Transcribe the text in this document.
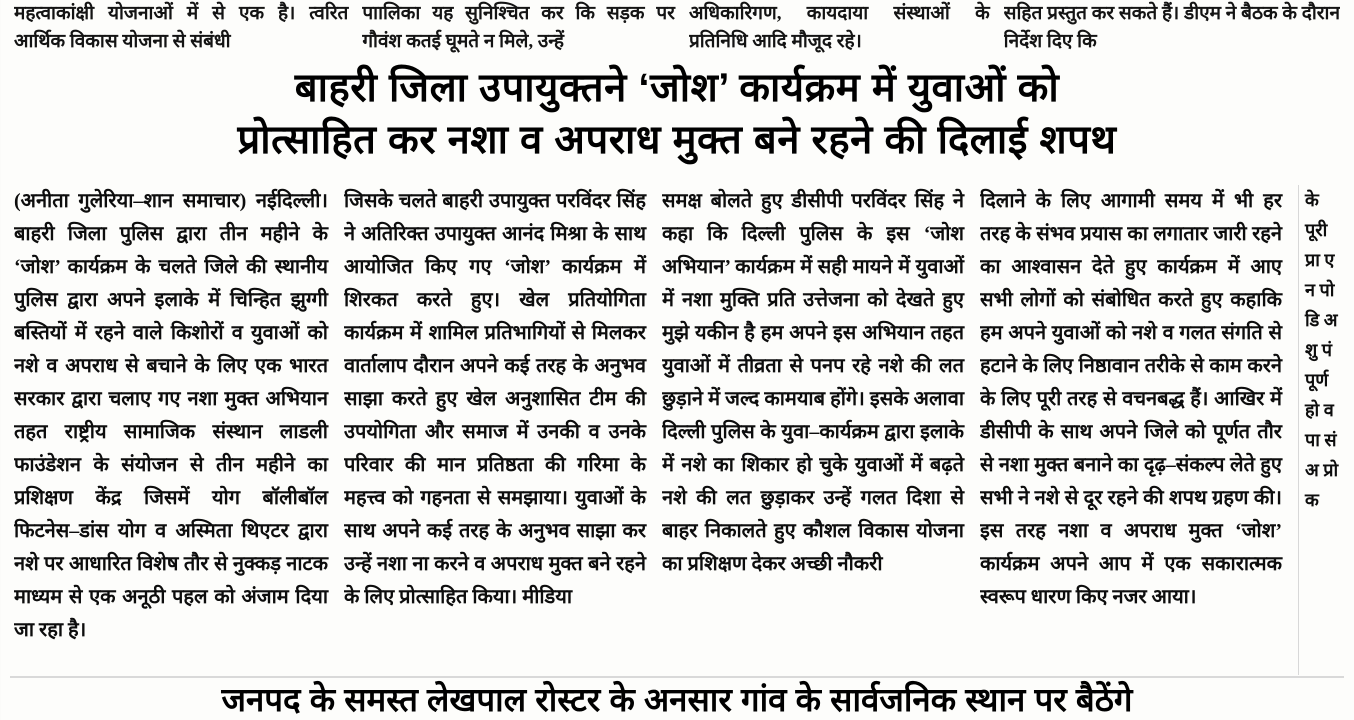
महत्वाकांक्षी योजनाओं में से एक है। त्वरित आर्थिक विकास योजना से संबंधी
पाालिका यह सुनिश्चित कर कि सड़क पर गौवंश कतई घूमते न मिले, उन्हें
अधिकारिगण, कायदाया संस्थाओं के प्रतिनिधि आदि मौजूद रहे।
सहित प्रस्तुत कर सकते हैं। डीएम ने बैठक के दौरान निर्देश दिए कि
बाहरी जिला उपायुक्तने ‘जोश’ कार्यक्रम में युवाओं को
प्रोत्साहित कर नशा व अपराध मुक्त बने रहने की दिलाई शपथ

(अनीता गुलेरिया–शान समाचार) नईदिल्ली। बाहरी जिला पुलिस द्वारा तीन महीने के ‘जोश’ कार्यक्रम के चलते जिले की स्थानीय पुलिस द्वारा अपने इलाके में चिन्हित झुग्गी बस्तियों में रहने वाले किशोरों व युवाओं को नशे व अपराध से बचाने के लिए एक भारत सरकार द्वारा चलाए गए नशा मुक्त अभियान तहत राष्ट्रीय सामाजिक संस्थान लाडली फाउंडेशन के संयोजन से तीन महीने का प्रशिक्षण केंद्र जिसमें योग बॉलीबॉल फिटनेस–डांस योग व अस्मिता थिएटर द्वारा नशे पर आधारित विशेष तौर से नुक्कड़ नाटक माध्यम से एक अनूठी पहल को अंजाम दिया जा रहा है।

जिसके चलते बाहरी उपायुक्त परविंदर सिंह ने अतिरिक्त उपायुक्त आनंद मिश्रा के साथ आयोजित किए गए ‘जोश’ कार्यक्रम में शिरकत करते हुए। खेल प्रतियोगिता कार्यक्रम में शामिल प्रतिभागियों से मिलकर वार्तालाप दौरान अपने कई तरह के अनुभव साझा करते हुए खेल अनुशासित टीम की उपयोगिता और समाज में उनकी व उनके परिवार की मान प्रतिष्ठता की गरिमा के महत्त्व को गहनता से समझाया। युवाओं के साथ अपने कई तरह के अनुभव साझा कर उन्हें नशा ना करने व अपराध मुक्त बने रहने के लिए प्रोत्साहित किया। मीडिया

समक्ष बोलते हुए डीसीपी परविंदर सिंह ने कहा कि दिल्ली पुलिस के इस ‘जोश अभियान’ कार्यक्रम में सही मायने में युवाओं में नशा मुक्ति प्रति उत्तेजना को देखते हुए मुझे यकीन है हम अपने इस अभियान तहत युवाओं में तीव्रता से पनप रहे नशे की लत छुड़ाने में जल्द कामयाब होंगे। इसके अलावा दिल्ली पुलिस के युवा–कार्यक्रम द्वारा इलाके में नशे का शिकार हो चुके युवाओं में बढ़ते नशे की लत छुड़ाकर उन्हें गलत दिशा से बाहर निकालते हुए कौशल विकास योजना का प्रशिक्षण देकर अच्छी नौकरी

दिलाने के लिए आगामी समय में भी हर तरह के संभव प्रयास का लगातार जारी रहने का आश्वासन देते हुए कार्यक्रम में आए सभी लोगों को संबोधित करते हुए कहाकि हम अपने युवाओं को नशे व गलत संगति से हटाने के लिए निष्ठावान तरीके से काम करने के लिए पूरी तरह से वचनबद्ध हैं। आखिर में डीसीपी के साथ अपने जिले को पूर्णत तौर से नशा मुक्त बनाने का दृढ़–संकल्प लेते हुए सभी ने नशे से दूर रहने की शपथ ग्रहण की। इस तरह नशा व अपराध मुक्त ‘जोश’ कार्यक्रम अपने आप में एक सकारात्मक स्वरूप धारण किए नजर आया।

के पूरी प्रा एन पो डि अ शु पं पूर्ण हो व पा सं अ प्रो क

जनपद के समस्त लेखपाल रोस्टर के अनसार गांव के सार्वजनिक स्थान पर बैठेंगे
